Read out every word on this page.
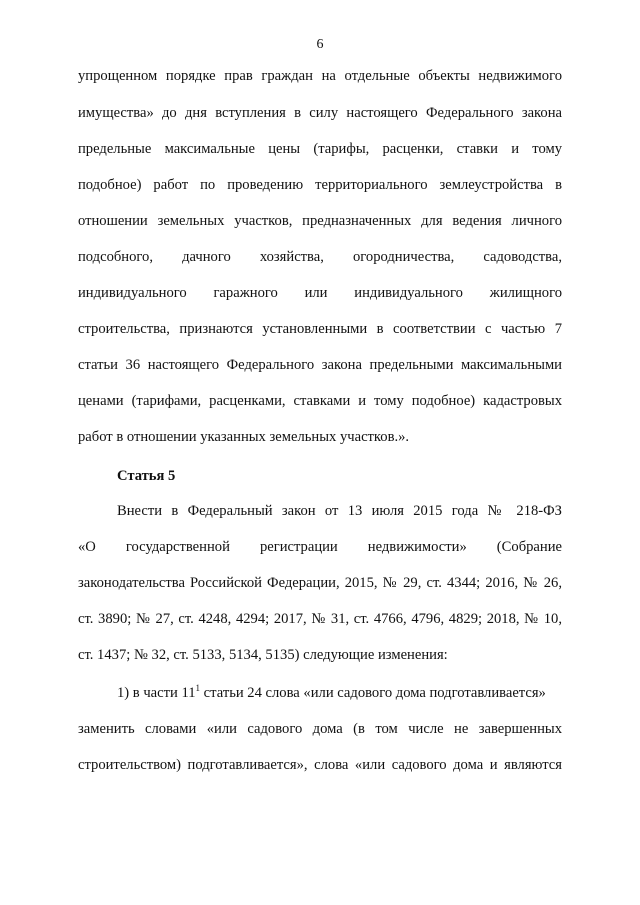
6
упрощенном порядке прав граждан на отдельные объекты недвижимого
имущества» до дня вступления в силу настоящего Федерального закона
предельные максимальные цены (тарифы, расценки, ставки и тому
подобное) работ по проведению территориального землеустройства в
отношении земельных участков, предназначенных для ведения личного
подсобного, дачного хозяйства, огородничества, садоводства,
индивидуального гаражного или индивидуального жилищного
строительства, признаются установленными в соответствии с частью 7
статьи 36 настоящего Федерального закона предельными максимальными
ценами (тарифами, расценками, ставками и тому подобное) кадастровых
работ в отношении указанных земельных участков.».
Статья 5
Внести в Федеральный закон от 13 июля 2015 года № 218-ФЗ
«О государственной регистрации недвижимости» (Собрание
законодательства Российской Федерации, 2015, № 29, ст. 4344; 2016, № 26,
ст. 3890; № 27, ст. 4248, 4294; 2017, № 31, ст. 4766, 4796, 4829; 2018, № 10,
ст. 1437; № 32, ст. 5133, 5134, 5135) следующие изменения:
1) в части $11^1$ статьи 24 слова «или садового дома подготавливается»
заменить словами «или садового дома (в том числе не завершенных
строительством) подготавливается», слова «или садового дома и являются
